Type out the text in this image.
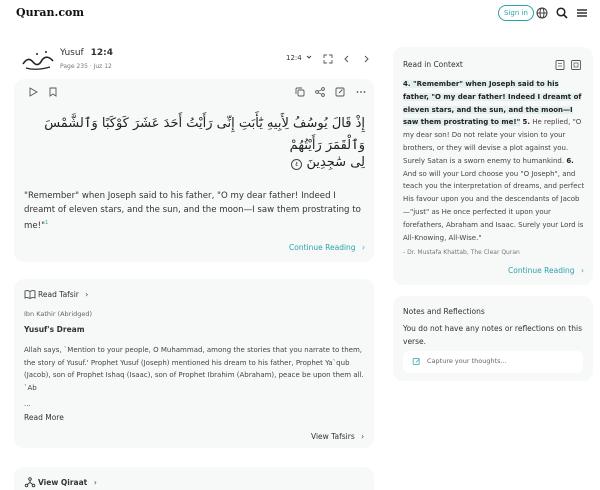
Quran.com	Sign in
Yusuf 12:4
Page 235 · Juz 12
12:4
إِذْ قَالَ يُوسُفُ لِأَبِيهِ يَٰٓأَبَتِ إِنِّى رَأَيْتُ أَحَدَ عَشَرَ كَوْكَبًا وَٱلشَّمْسَ وَٱلْقَمَرَ رَأَيْتُهُمْ
لِى سَٰجِدِينَ ٤
"Remember" when Joseph said to his father, "O my dear father! Indeed I dreamt of eleven stars, and the sun, and the moon—I saw them prostrating to me!"$^1$
Continue Reading ›
Read Tafsir ›
Ibn Kathir (Abridged)
Yusuf's Dream
Allah says, `Mention to your people, O Muhammad, among the stories that you narrate to them, the story of Yusuf.' Prophet Yusuf (Joseph) mentioned his dream to his father, Prophet Ya`qub (Jacob), son of Prophet Ishaq (Isaac), son of Prophet Ibrahim (Abraham), peace be upon them all. `Ab
...
Read More
View Tafsirs ›
View Qiraat ›
Read in Context
4. "Remember" when Joseph said to his father, "O my dear father! Indeed I dreamt of eleven stars, and the sun, and the moon—I saw them prostrating to me!" 5. He replied, "O my dear son! Do not relate your vision to your brothers, or they will devise a plot against you. Surely Satan is a sworn enemy to humankind. 6. And so will your Lord choose you "O Joseph", and teach you the interpretation of dreams, and perfect His favour upon you and the descendants of Jacob—"just" as He once perfected it upon your forefathers, Abraham and Isaac. Surely your Lord is All-Knowing, All-Wise."
- Dr. Mustafa Khattab, The Clear Quran
Continue Reading ›
Notes and Reflections
You do not have any notes or reflections on this verse.
Capture your thoughts...
